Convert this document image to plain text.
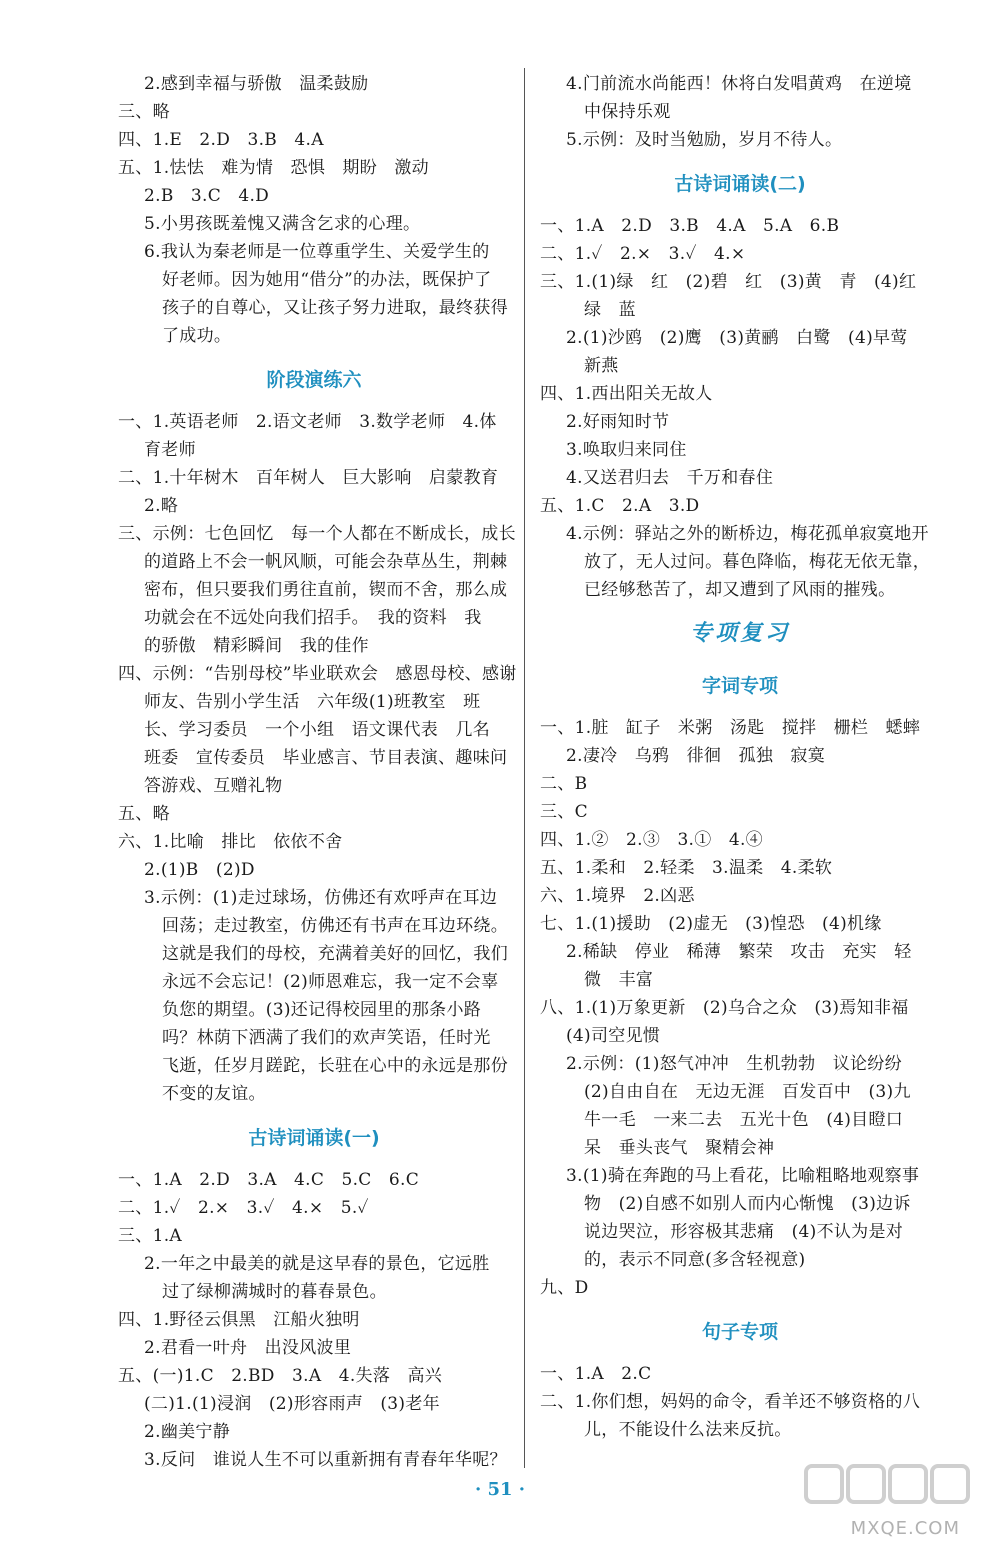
2.感到幸福与骄傲　温柔鼓励
三、略
四、1.E　2.D　3.B　4.A
五、1.怯怯　难为情　恐惧　期盼　激动
2.B　3.C　4.D
5.小男孩既羞愧又满含乞求的心理。
6.我认为秦老师是一位尊重学生、关爱学生的
好老师。因为她用“借分”的办法，既保护了
孩子的自尊心，又让孩子努力进取，最终获得
了成功。
阶段演练六
一、1.英语老师　2.语文老师　3.数学老师　4.体
育老师
二、1.十年树木　百年树人　巨大影响　启蒙教育
2.略
三、示例：七色回忆　每一个人都在不断成长，成长
的道路上不会一帆风顺，可能会杂草丛生，荆棘
密布，但只要我们勇往直前，锲而不舍，那么成
功就会在不远处向我们招手。　我的资料　我
的骄傲　精彩瞬间　我的佳作
四、示例：“告别母校”毕业联欢会　感恩母校、感谢
师友、告别小学生活　六年级(1)班教室　班
长、学习委员　一个小组　语文课代表　几名
班委　宣传委员　毕业感言、节目表演、趣味问
答游戏、互赠礼物
五、略
六、1.比喻　排比　依依不舍
2.(1)B　(2)D
3.示例：(1)走过球场，仿佛还有欢呼声在耳边
回荡；走过教室，仿佛还有书声在耳边环绕。
这就是我们的母校，充满着美好的回忆，我们
永远不会忘记！(2)师恩难忘，我一定不会辜
负您的期望。(3)还记得校园里的那条小路
吗？林荫下洒满了我们的欢声笑语，任时光
飞逝，任岁月蹉跎，长驻在心中的永远是那份
不变的友谊。
古诗词诵读(一)
一、1.A　2.D　3.A　4.C　5.C　6.C
二、1.✓　2.×　3.✓　4.×　5.✓
三、1.A
2.一年之中最美的就是这早春的景色，它远胜
过了绿柳满城时的暮春景色。
四、1.野径云俱黑　江船火独明
2.君看一叶舟　出没风波里
五、(一)1.C　2.BD　3.A　4.失落　高兴
(二)1.(1)浸润　(2)形容雨声　(3)老年
2.幽美宁静
3.反问　谁说人生不可以重新拥有青春年华呢？
4.门前流水尚能西！休将白发唱黄鸡　在逆境
中保持乐观
5.示例：及时当勉励，岁月不待人。
古诗词诵读(二)
一、1.A　2.D　3.B　4.A　5.A　6.B
二、1.✓　2.×　3.✓　4.×
三、1.(1)绿　红　(2)碧　红　(3)黄　青　(4)红
绿　蓝
2.(1)沙鸥　(2)鹰　(3)黄鹂　白鹭　(4)早莺
新燕
四、1.西出阳关无故人
2.好雨知时节
3.唤取归来同住
4.又送君归去　千万和春住
五、1.C　2.A　3.D
4.示例：驿站之外的断桥边，梅花孤单寂寞地开
放了，无人过问。暮色降临，梅花无依无靠，
已经够愁苦了，却又遭到了风雨的摧残。
专项复习
字词专项
一、1.脏　缸子　米粥　汤匙　搅拌　栅栏　蟋蟀
2.凄冷　乌鸦　徘徊　孤独　寂寞
二、B
三、C
四、1.②　2.③　3.①　4.④
五、1.柔和　2.轻柔　3.温柔　4.柔软
六、1.境界　2.凶恶
七、1.(1)援助　(2)虚无　(3)惶恐　(4)机缘
2.稀缺　停业　稀薄　繁荣　攻击　充实　轻
微　丰富
八、1.(1)万象更新　(2)乌合之众　(3)焉知非福
(4)司空见惯
2.示例：(1)怒气冲冲　生机勃勃　议论纷纷
(2)自由自在　无边无涯　百发百中　(3)九
牛一毛　一来二去　五光十色　(4)目瞪口
呆　垂头丧气　聚精会神
3.(1)骑在奔跑的马上看花，比喻粗略地观察事
物　(2)自感不如别人而内心惭愧　(3)边诉
说边哭泣，形容极其悲痛　(4)不认为是对
的，表示不同意(多含轻视意)
九、D
句子专项
一、1.A　2.C
二、1.你们想，妈妈的命令，看羊还不够资格的八
儿，不能设什么法来反抗。
· 51 ·
MXQE.COM
